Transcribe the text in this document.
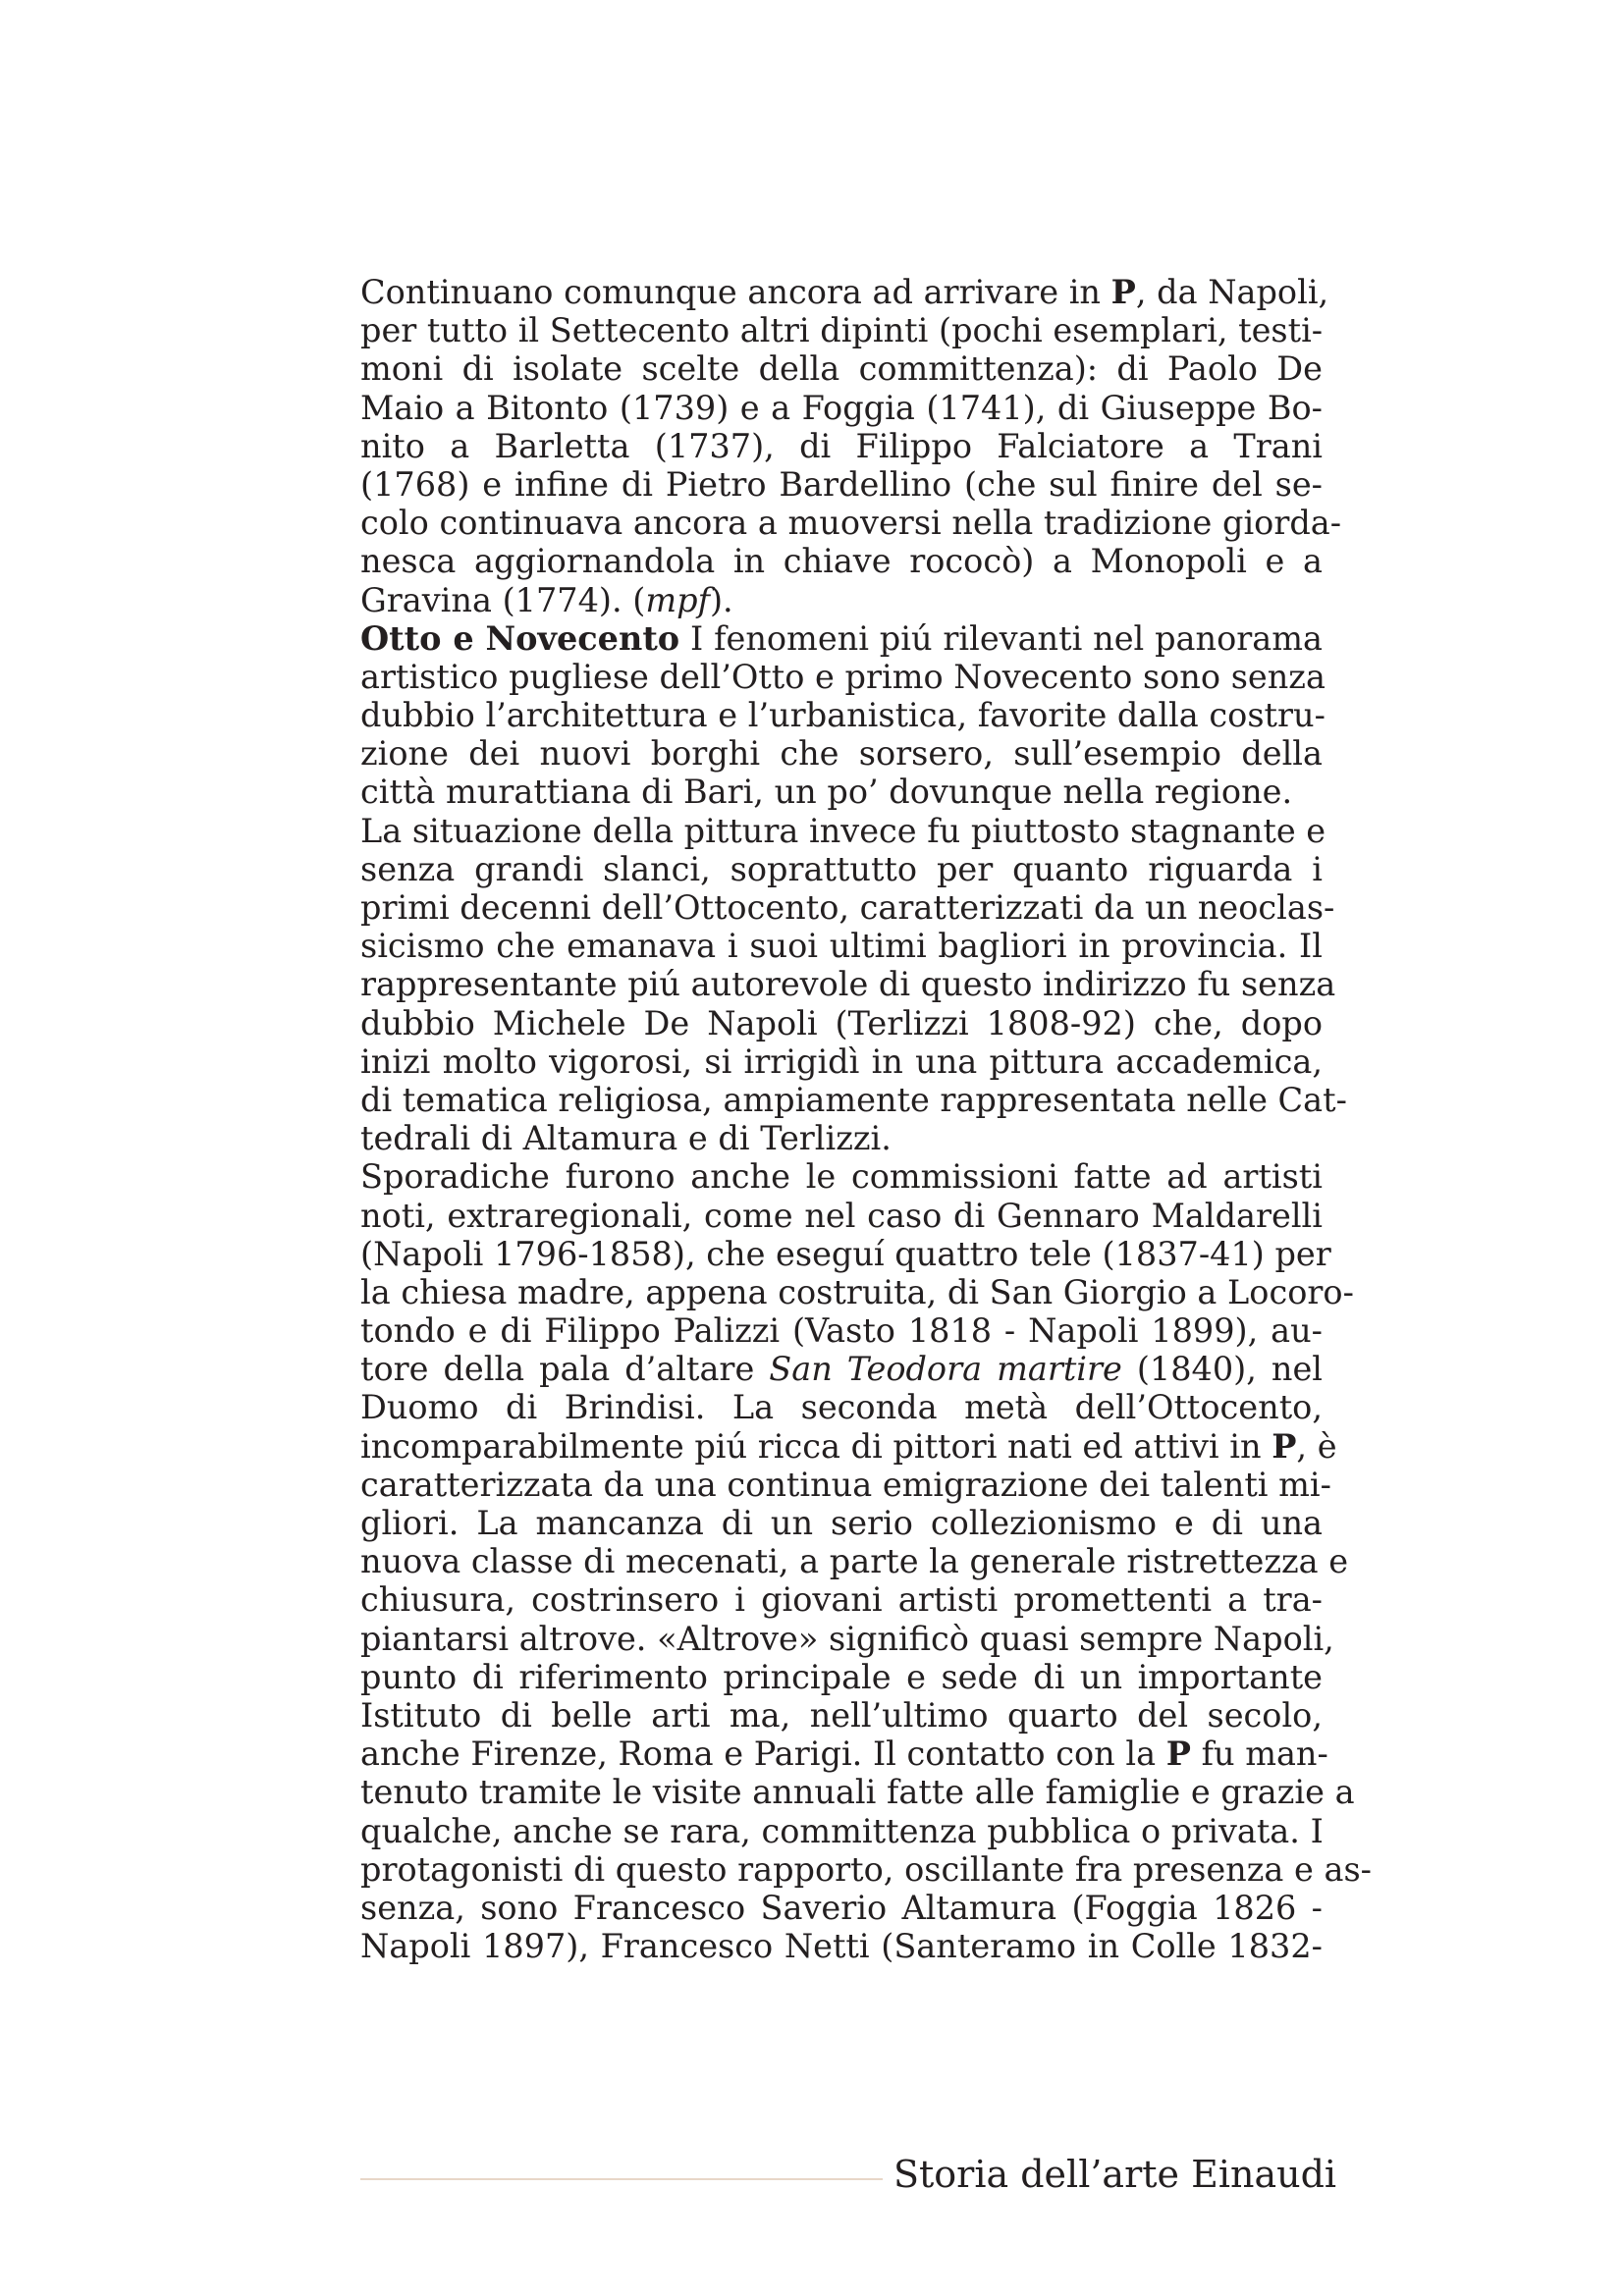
Continuano comunque ancora ad arrivare in P, da Napoli,
per tutto il Settecento altri dipinti (pochi esemplari, testi-
moni di isolate scelte della committenza): di Paolo De
Maio a Bitonto (1739) e a Foggia (1741), di Giuseppe Bo-
nito a Barletta (1737), di Filippo Falciatore a Trani
(1768) e infine di Pietro Bardellino (che sul finire del se-
colo continuava ancora a muoversi nella tradizione giorda-
nesca aggiornandola in chiave rococò) a Monopoli e a
Gravina (1774). (mpf).
Otto e Novecento I fenomeni piú rilevanti nel panorama
artistico pugliese dell’Otto e primo Novecento sono senza
dubbio l’architettura e l’urbanistica, favorite dalla costru-
zione dei nuovi borghi che sorsero, sull’esempio della
città murattiana di Bari, un po’ dovunque nella regione.
La situazione della pittura invece fu piuttosto stagnante e
senza grandi slanci, soprattutto per quanto riguarda i
primi decenni dell’Ottocento, caratterizzati da un neoclas-
sicismo che emanava i suoi ultimi bagliori in provincia. Il
rappresentante piú autorevole di questo indirizzo fu senza
dubbio Michele De Napoli (Terlizzi 1808-92) che, dopo
inizi molto vigorosi, si irrigidì in una pittura accademica,
di tematica religiosa, ampiamente rappresentata nelle Cat-
tedrali di Altamura e di Terlizzi.
Sporadiche furono anche le commissioni fatte ad artisti
noti, extraregionali, come nel caso di Gennaro Maldarelli
(Napoli 1796-1858), che eseguí quattro tele (1837-41) per
la chiesa madre, appena costruita, di San Giorgio a Locoro-
tondo e di Filippo Palizzi (Vasto 1818 - Napoli 1899), au-
tore della pala d’altare San Teodora martire (1840), nel
Duomo di Brindisi. La seconda metà dell’Ottocento,
incomparabilmente piú ricca di pittori nati ed attivi in P, è
caratterizzata da una continua emigrazione dei talenti mi-
gliori. La mancanza di un serio collezionismo e di una
nuova classe di mecenati, a parte la generale ristrettezza e
chiusura, costrinsero i giovani artisti promettenti a tra-
piantarsi altrove. «Altrove» significò quasi sempre Napoli,
punto di riferimento principale e sede di un importante
Istituto di belle arti ma, nell’ultimo quarto del secolo,
anche Firenze, Roma e Parigi. Il contatto con la P fu man-
tenuto tramite le visite annuali fatte alle famiglie e grazie a
qualche, anche se rara, committenza pubblica o privata. I
protagonisti di questo rapporto, oscillante fra presenza e as-
senza, sono Francesco Saverio Altamura (Foggia 1826 -
Napoli 1897), Francesco Netti (Santeramo in Colle 1832-
Storia dell’arte Einaudi
